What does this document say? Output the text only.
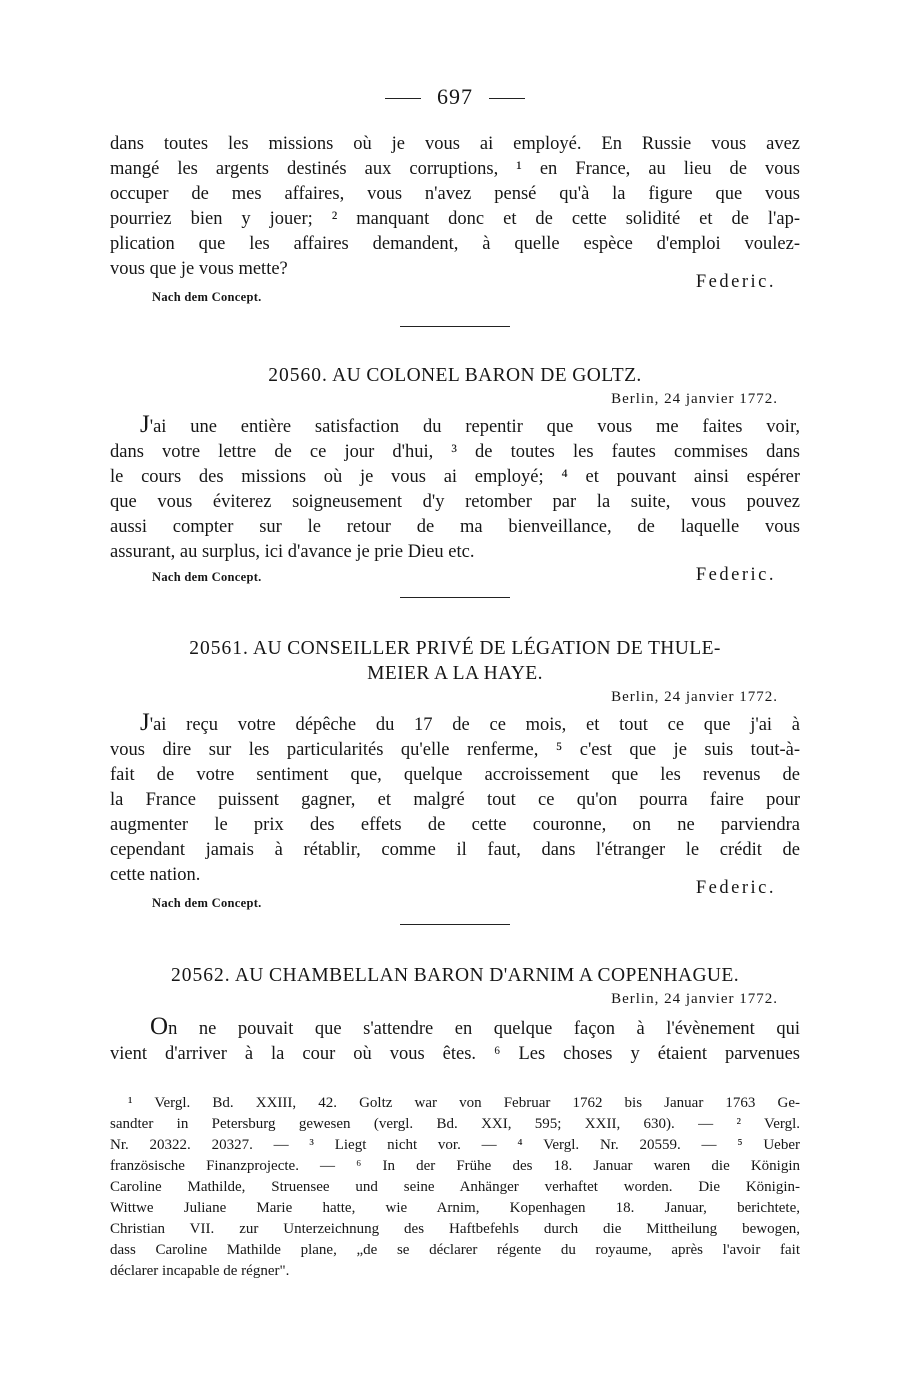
697
dans toutes les missions où je vous ai employé. En Russie vous avez
mangé les argents destinés aux corruptions, ¹ en France, au lieu de vous
occuper de mes affaires, vous n'avez pensé qu'à la figure que vous
pourriez bien y jouer; ² manquant donc et de cette solidité et de l'ap-
plication que les affaires demandent, à quelle espèce d'emploi voulez-
vous que je vous mette?
Nach dem Concept.
Federic.

20560. AU COLONEL BARON DE GOLTZ.

Berlin, 24 janvier 1772.
J'ai une entière satisfaction du repentir que vous me faites voir,
dans votre lettre de ce jour d'hui, ³ de toutes les fautes commises dans
le cours des missions où je vous ai employé; ⁴ et pouvant ainsi espérer
que vous éviterez soigneusement d'y retomber par la suite, vous pouvez
aussi compter sur le retour de ma bienveillance, de laquelle vous
assurant, au surplus, ici d'avance je prie Dieu etc.
Nach dem Concept.	Federic.

20561. AU CONSEILLER PRIVÉ DE LÉGATION DE THULE-

MEIER A LA HAYE.

Berlin, 24 janvier 1772.
J'ai reçu votre dépêche du 17 de ce mois, et tout ce que j'ai à
vous dire sur les particularités qu'elle renferme, ⁵ c'est que je suis tout-à-
fait de votre sentiment que, quelque accroissement que les revenus de
la France puissent gagner, et malgré tout ce qu'on pourra faire pour
augmenter le prix des effets de cette couronne, on ne parviendra
cependant jamais à rétablir, comme il faut, dans l'étranger le crédit de
cette nation.
Nach dem Concept.
Federic.

20562. AU CHAMBELLAN BARON D'ARNIM A COPENHAGUE.

Berlin, 24 janvier 1772.
On ne pouvait que s'attendre en quelque façon à l'évènement qui
vient d'arriver à la cour où vous êtes. ⁶ Les choses y étaient parvenues
¹ Vergl. Bd. XXIII, 42. Goltz war von Februar 1762 bis Januar 1763 Ge-
sandter in Petersburg gewesen (vergl. Bd. XXI, 595; XXII, 630). — ² Vergl.
Nr. 20322. 20327. — ³ Liegt nicht vor. — ⁴ Vergl. Nr. 20559. — ⁵ Ueber
französische Finanzprojecte. — ⁶ In der Frühe des 18. Januar waren die Königin
Caroline Mathilde, Struensee und seine Anhänger verhaftet worden. Die Königin-
Wittwe Juliane Marie hatte, wie Arnim, Kopenhagen 18. Januar, berichtete,
Christian VII. zur Unterzeichnung des Haftbefehls durch die Mittheilung bewogen,
dass Caroline Mathilde plane, „de se déclarer régente du royaume, après l'avoir fait
déclarer incapable de régner".
